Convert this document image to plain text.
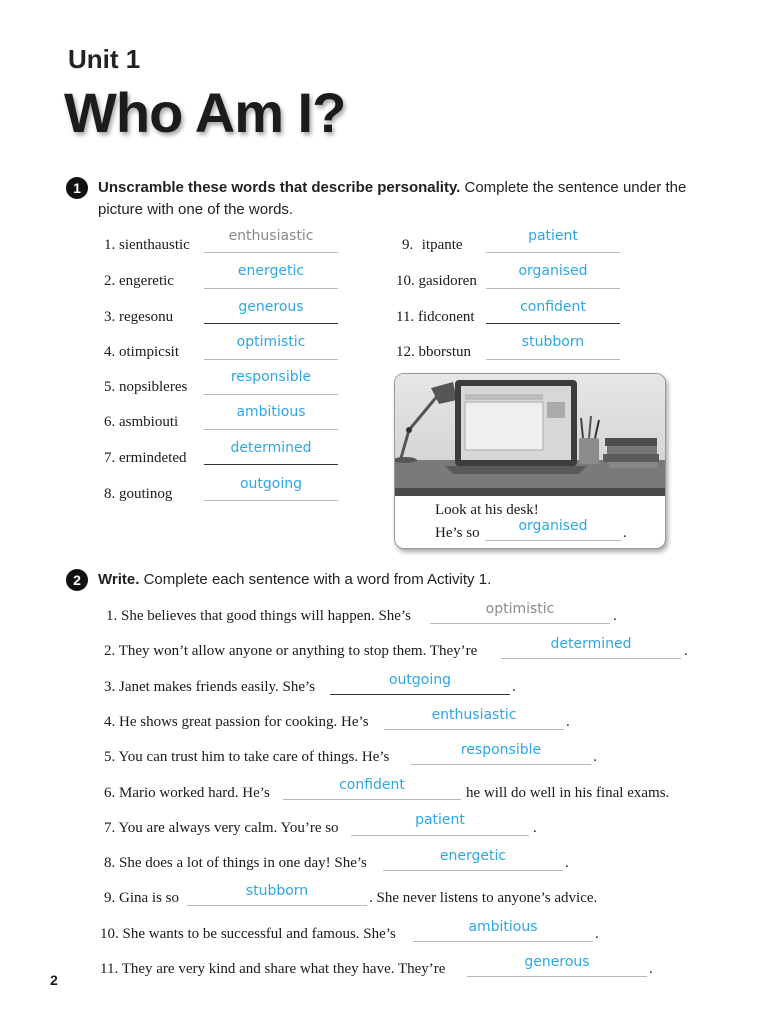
Unit 1
Who Am I?
1	Unscramble these words that describe personality. Complete the sentence under the
picture with one of the words.
1. sienthaustic
enthusiastic
2. engeretic
energetic
3. regesonu
generous
4. otimpicsit
optimistic
5. nopsibleres
responsible
6. asmbiouti
ambitious
7. ermindeted
determined
8. goutinog
outgoing
9. itpante
patient
10. gasidoren
organised
11. fidconent
confident
12. bborstun
stubborn
Look at his desk!
He’s so	organised	.
2	Write. Complete each sentence with a word from Activity 1.
1. She believes that good things will happen. She’s	optimistic	.
2. They won’t allow anyone or anything to stop them. They’re	determined	.
3. Janet makes friends easily. She’s	outgoing	.
4. He shows great passion for cooking. He’s	enthusiastic	.
5. You can trust him to take care of things. He’s	responsible	.
6. Mario worked hard. He’s	confident	he will do well in his final exams.
7. You are always very calm. You’re so	patient	.
8. She does a lot of things in one day! She’s	energetic	.
9. Gina is so	stubborn	. She never listens to anyone’s advice.
10. She wants to be successful and famous. She’s	ambitious	.
11. They are very kind and share what they have. They’re	generous	.
2
